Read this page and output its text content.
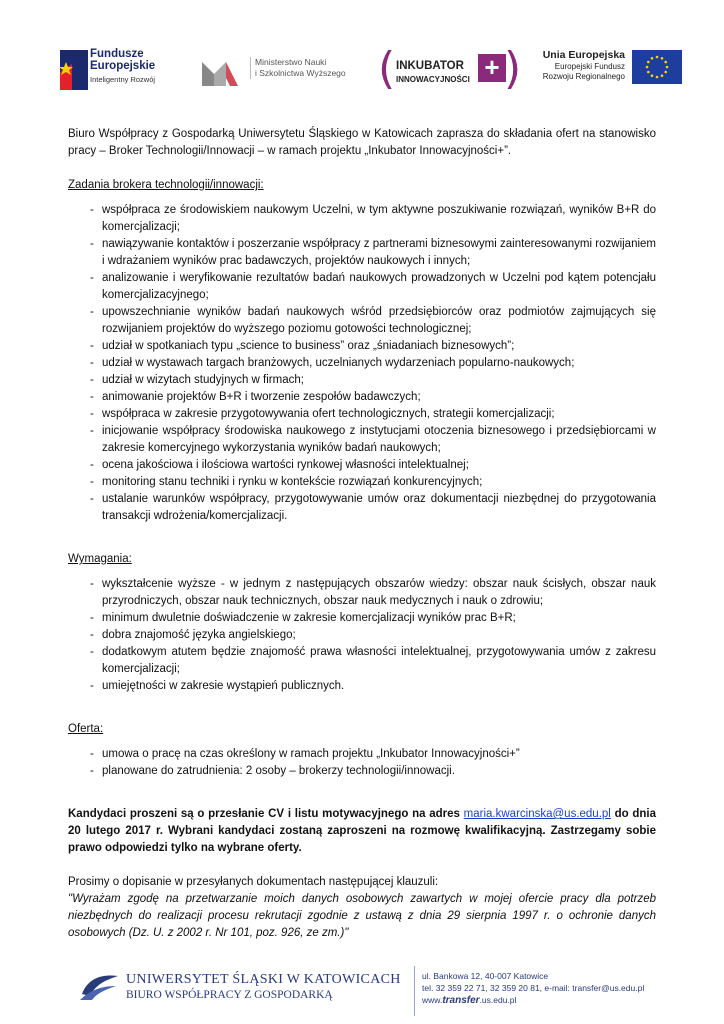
Fundusze
Europejskie
Inteligentny Rozwój
Ministerstwo Nauki
i Szkolnictwa Wyższego ( INKUBATOR
INNOWACYJNOŚCI + )	Unia Europejska
Europejski Fundusz
Rozwoju Regionalnego

Biuro Współpracy z Gospodarką Uniwersytetu Śląskiego w Katowicach zaprasza do składania ofert na stanowisko pracy – Broker Technologii/Innowacji – w ramach projektu „Inkubator Innowacyjności+”.

Zadania brokera technologii/innowacji:

- współpraca ze środowiskiem naukowym Uczelni, w tym aktywne poszukiwanie rozwiązań, wyników B+R do komercjalizacji;
- nawiązywanie kontaktów i poszerzanie współpracy z partnerami biznesowymi zainteresowanymi rozwijaniem i wdrażaniem wyników prac badawczych, projektów naukowych i innych;
- analizowanie i weryfikowanie rezultatów badań naukowych prowadzonych w Uczelni pod kątem potencjału komercjalizacyjnego;
- upowszechnianie wyników badań naukowych wśród przedsiębiorców oraz podmiotów zajmujących się rozwijaniem projektów do wyższego poziomu gotowości technologicznej;
- udział w spotkaniach typu „science to business” oraz „śniadaniach biznesowych”;
- udział w wystawach targach branżowych, uczelnianych wydarzeniach popularno-naukowych;
- udział w wizytach studyjnych w firmach;
- animowanie projektów B+R i tworzenie zespołów badawczych;
- współpraca w zakresie przygotowywania ofert technologicznych, strategii komercjalizacji;
- inicjowanie współpracy środowiska naukowego z instytucjami otoczenia biznesowego i przedsiębiorcami w zakresie komercyjnego wykorzystania wyników badań naukowych;
- ocena jakościowa i ilościowa wartości rynkowej własności intelektualnej;
- monitoring stanu techniki i rynku w kontekście rozwiązań konkurencyjnych;
- ustalanie warunków współpracy, przygotowywanie umów oraz dokumentacji niezbędnej do przygotowania transakcji wdrożenia/komercjalizacji.

Wymagania:

- wykształcenie wyższe - w jednym z następujących obszarów wiedzy: obszar nauk ścisłych, obszar nauk przyrodniczych, obszar nauk technicznych, obszar nauk medycznych i nauk o zdrowiu;
- minimum dwuletnie doświadczenie w zakresie komercjalizacji wyników prac B+R;
- dobra znajomość języka angielskiego;
- dodatkowym atutem będzie znajomość prawa własności intelektualnej, przygotowywania umów z zakresu komercjalizacji;
- umiejętności w zakresie wystąpień publicznych.

Oferta:

- umowa o pracę na czas określony w ramach projektu „Inkubator Innowacyjności+”
- planowane do zatrudnienia: 2 osoby – brokerzy technologii/innowacji.

Kandydaci proszeni są o przesłanie CV i listu motywacyjnego na adres maria.kwarcinska@us.edu.pl do dnia 20 lutego 2017 r. Wybrani kandydaci zostaną zaproszeni na rozmowę kwalifikacyjną. Zastrzegamy sobie prawo odpowiedzi tylko na wybrane oferty.

Prosimy o dopisanie w przesyłanych dokumentach następującej klauzuli:

"Wyrażam zgodę na przetwarzanie moich danych osobowych zawartych w mojej ofercie pracy dla potrzeb niezbędnych do realizacji procesu rekrutacji zgodnie z ustawą z dnia 29 sierpnia 1997 r. o ochronie danych osobowych (Dz. U. z 2002 r. Nr 101, poz. 926, ze zm.)"

UNIWERSYTET ŚLĄSKI W KATOWICACH
BIURO WSPÓŁPRACY Z GOSPODARKĄ
ul. Bankowa 12, 40-007 Katowice
tel. 32 359 22 71, 32 359 20 81, e-mail: transfer@us.edu.pl
www.transfer.us.edu.pl
